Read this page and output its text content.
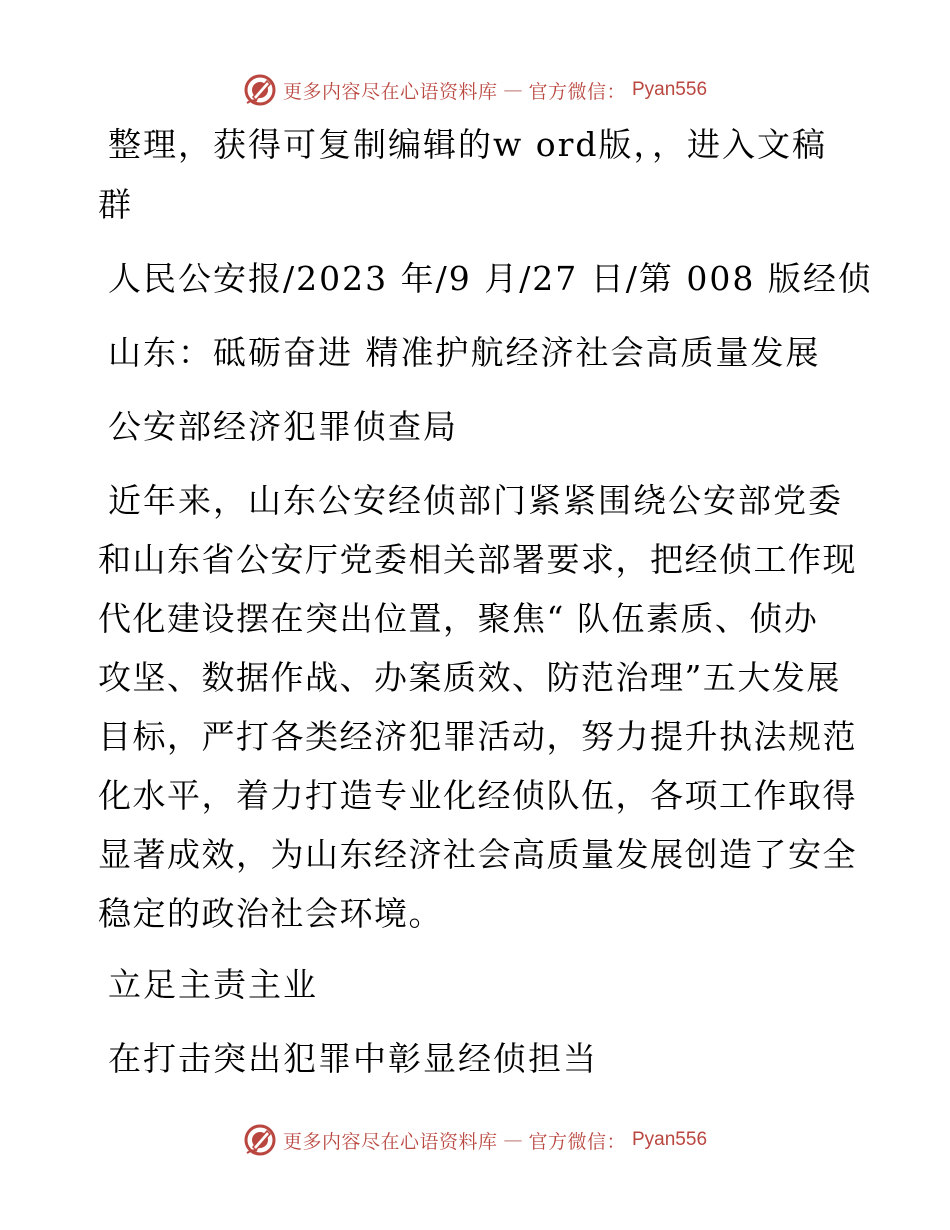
更多内容尽在心语资料库 — 官方微信： Pyan556
整理，获得可复制编辑的w ord版，，进入文稿
群
人民公安报/2023 年/9 月/27 日/第 008 版经侦
山东：砥砺奋进 精准护航经济社会高质量发展
公安部经济犯罪侦查局
近年来，山东公安经侦部门紧紧围绕公安部党委
和山东省公安厅党委相关部署要求，把经侦工作现
代化建设摆在突出位置，聚焦“ 队伍素质、侦办
攻坚、数据作战、办案质效、防范治理”五大发展
目标，严打各类经济犯罪活动，努力提升执法规范
化水平，着力打造专业化经侦队伍，各项工作取得
显著成效，为山东经济社会高质量发展创造了安全
稳定的政治社会环境。
立足主责主业
在打击突出犯罪中彰显经侦担当
更多内容尽在心语资料库 — 官方微信： Pyan556
